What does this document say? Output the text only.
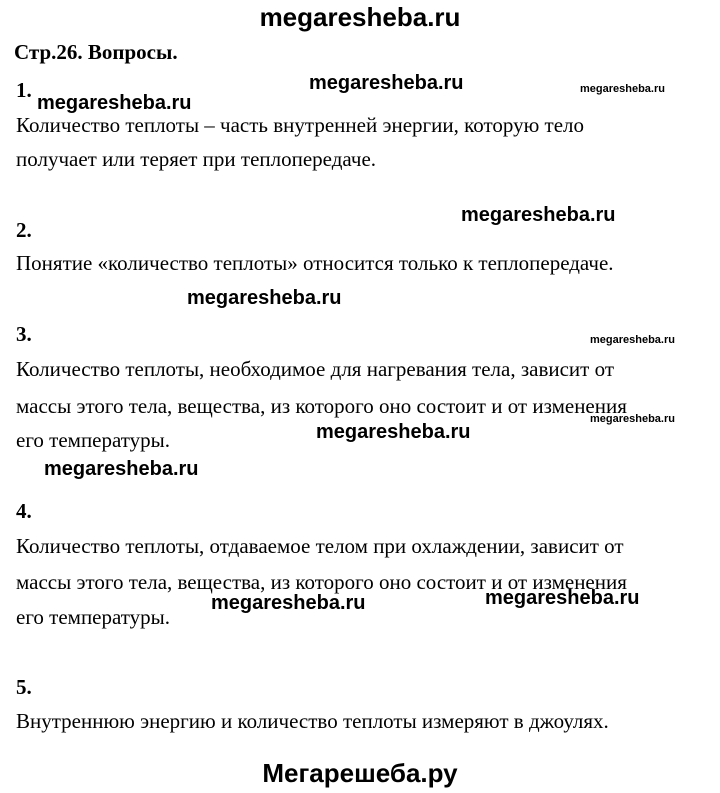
megaresheba.ru
Стр.26. Вопросы.
1.
Количество теплоты – часть внутренней энергии, которую тело
получает или теряет при теплопередаче.
2.
Понятие «количество теплоты» относится только к теплопередаче.
3.
Количество теплоты, необходимое для нагревания тела, зависит от
массы этого тела, вещества, из которого оно состоит и от изменения
его температуры.
4.
Количество теплоты, отдаваемое телом при охлаждении, зависит от
массы этого тела, вещества, из которого оно состоит и от изменения
его температуры.
5.
Внутреннюю энергию и количество теплоты измеряют в джоулях.
megaresheba.ru	megaresheba.ru
megaresheba.ru
megaresheba.ru
megaresheba.ru
megaresheba.ru
megaresheba.ru
megaresheba.ru
megaresheba.ru
megaresheba.ru	megaresheba.ru
Мегарешеба.ру
